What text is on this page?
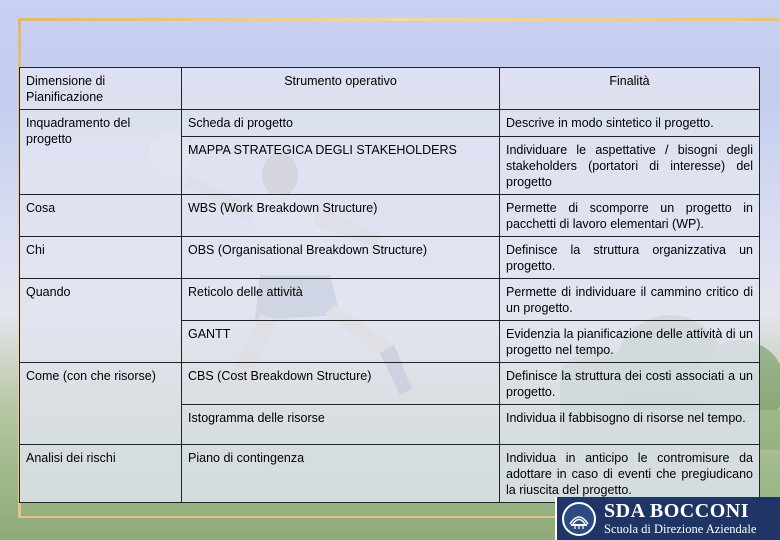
Dimensione di Pianificazione	Strumento operativo	Finalità
Inquadramento del progetto	Scheda di progetto	Descrive in modo sintetico il progetto.
	MAPPA STRATEGICA DEGLI STAKEHOLDERS	Individuare le aspettative / bisogni degli stakeholders (portatori di interesse) del progetto
Cosa	WBS (Work Breakdown Structure)	Permette di scomporre un progetto in pacchetti di lavoro elementari (WP).
Chi	OBS (Organisational Breakdown Structure)	Definisce la struttura organizzativa un progetto.
Quando	Reticolo delle attività	Permette di individuare il cammino critico di un progetto.
	GANTT	Evidenzia la pianificazione delle attività di un progetto nel tempo.
Come (con che risorse)	CBS (Cost Breakdown Structure)	Definisce la struttura dei costi associati a un progetto.
	Istogramma delle risorse	Individua il fabbisogno di risorse nel tempo.
Analisi dei rischi	Piano di contingenza	Individua in anticipo le contromisure da adottare in caso di eventi che pregiudicano la riuscita del progetto.
SDA BOCCONI
Scuola di Direzione Aziendale
